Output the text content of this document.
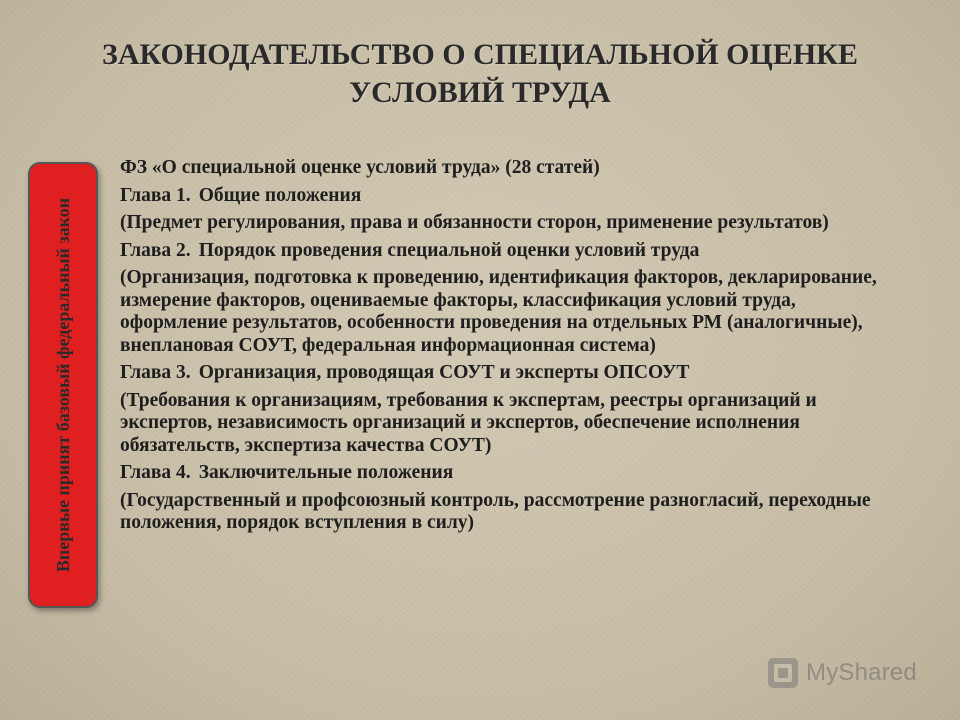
ЗАКОНОДАТЕЛЬСТВО О СПЕЦИАЛЬНОЙ ОЦЕНКЕ УСЛОВИЙ ТРУДА
Впервые принят базовый федеральный закон

ФЗ «О специальной оценке условий труда» (28 статей)

Глава 1. Общие положения

(Предмет регулирования, права и обязанности сторон, применение результатов)

Глава 2. Порядок проведения специальной оценки условий труда

(Организация, подготовка к проведению, идентификация факторов, декларирование, измерение факторов, оцениваемые факторы, классификация условий труда, оформление результатов, особенности проведения на отдельных РМ (аналогичные), внеплановая СОУТ, федеральная информационная система)

Глава 3. Организация, проводящая СОУТ и эксперты ОПСОУТ

(Требования к организациям, требования к экспертам, реестры организаций и экспертов, независимость организаций и экспертов, обеспечение исполнения обязательств, экспертиза качества СОУТ)

Глава 4. Заключительные положения

(Государственный и профсоюзный контроль, рассмотрение разногласий, переходные положения, порядок вступления в силу)

MyShared
